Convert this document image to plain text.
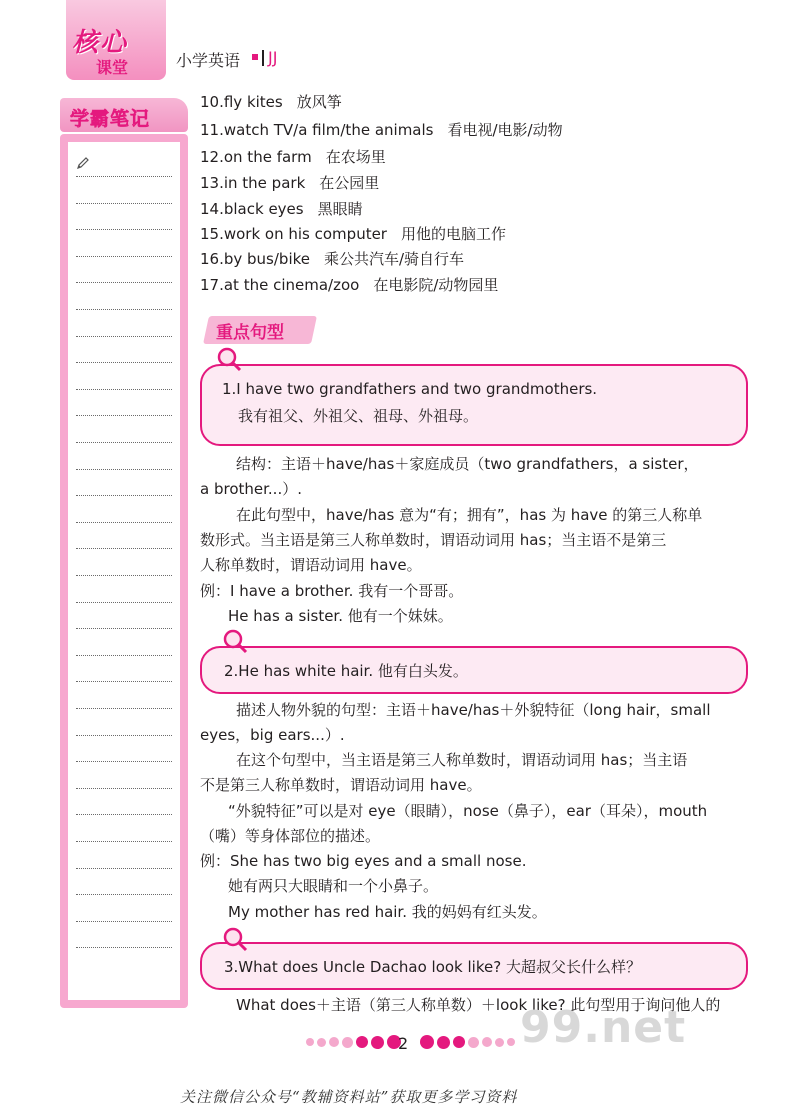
核心
课堂	小学英语 JJ
学霸笔记
10.fly kites 放风筝
11.watch TV/a film/the animals 看电视/电影/动物
12.on the farm 在农场里
13.in the park 在公园里
14.black eyes 黑眼睛
15.work on his computer 用他的电脑工作
16.by bus/bike 乘公共汽车/骑自行车
17.at the cinema/zoo 在电影院/动物园里
重点句型
1.I have two grandfathers and two grandmothers.
我有祖父、外祖父、祖母、外祖母。
结构：主语＋have/has＋家庭成员（two grandfathers，a sister，
a brother...）.
在此句型中，have/has 意为“有；拥有”，has 为 have 的第三人称单
数形式。当主语是第三人称单数时，谓语动词用 has；当主语不是第三
人称单数时，谓语动词用 have。
例：I have a brother. 我有一个哥哥。
He has a sister. 他有一个妹妹。
2.He has white hair. 他有白头发。
描述人物外貌的句型：主语＋have/has＋外貌特征（long hair，small
eyes，big ears...）.
在这个句型中，当主语是第三人称单数时，谓语动词用 has；当主语
不是第三人称单数时，谓语动词用 have。
“外貌特征”可以是对 eye（眼睛），nose（鼻子），ear（耳朵），mouth
（嘴）等身体部位的描述。
例：She has two big eyes and a small nose.
她有两只大眼睛和一个小鼻子。
My mother has red hair. 我的妈妈有红头发。
3.What does Uncle Dachao look like? 大超叔父长什么样？
What does＋主语（第三人称单数）＋look like? 此句型用于询问他人的
99.net
2
关注微信公众号“教辅资料站”获取更多学习资料
